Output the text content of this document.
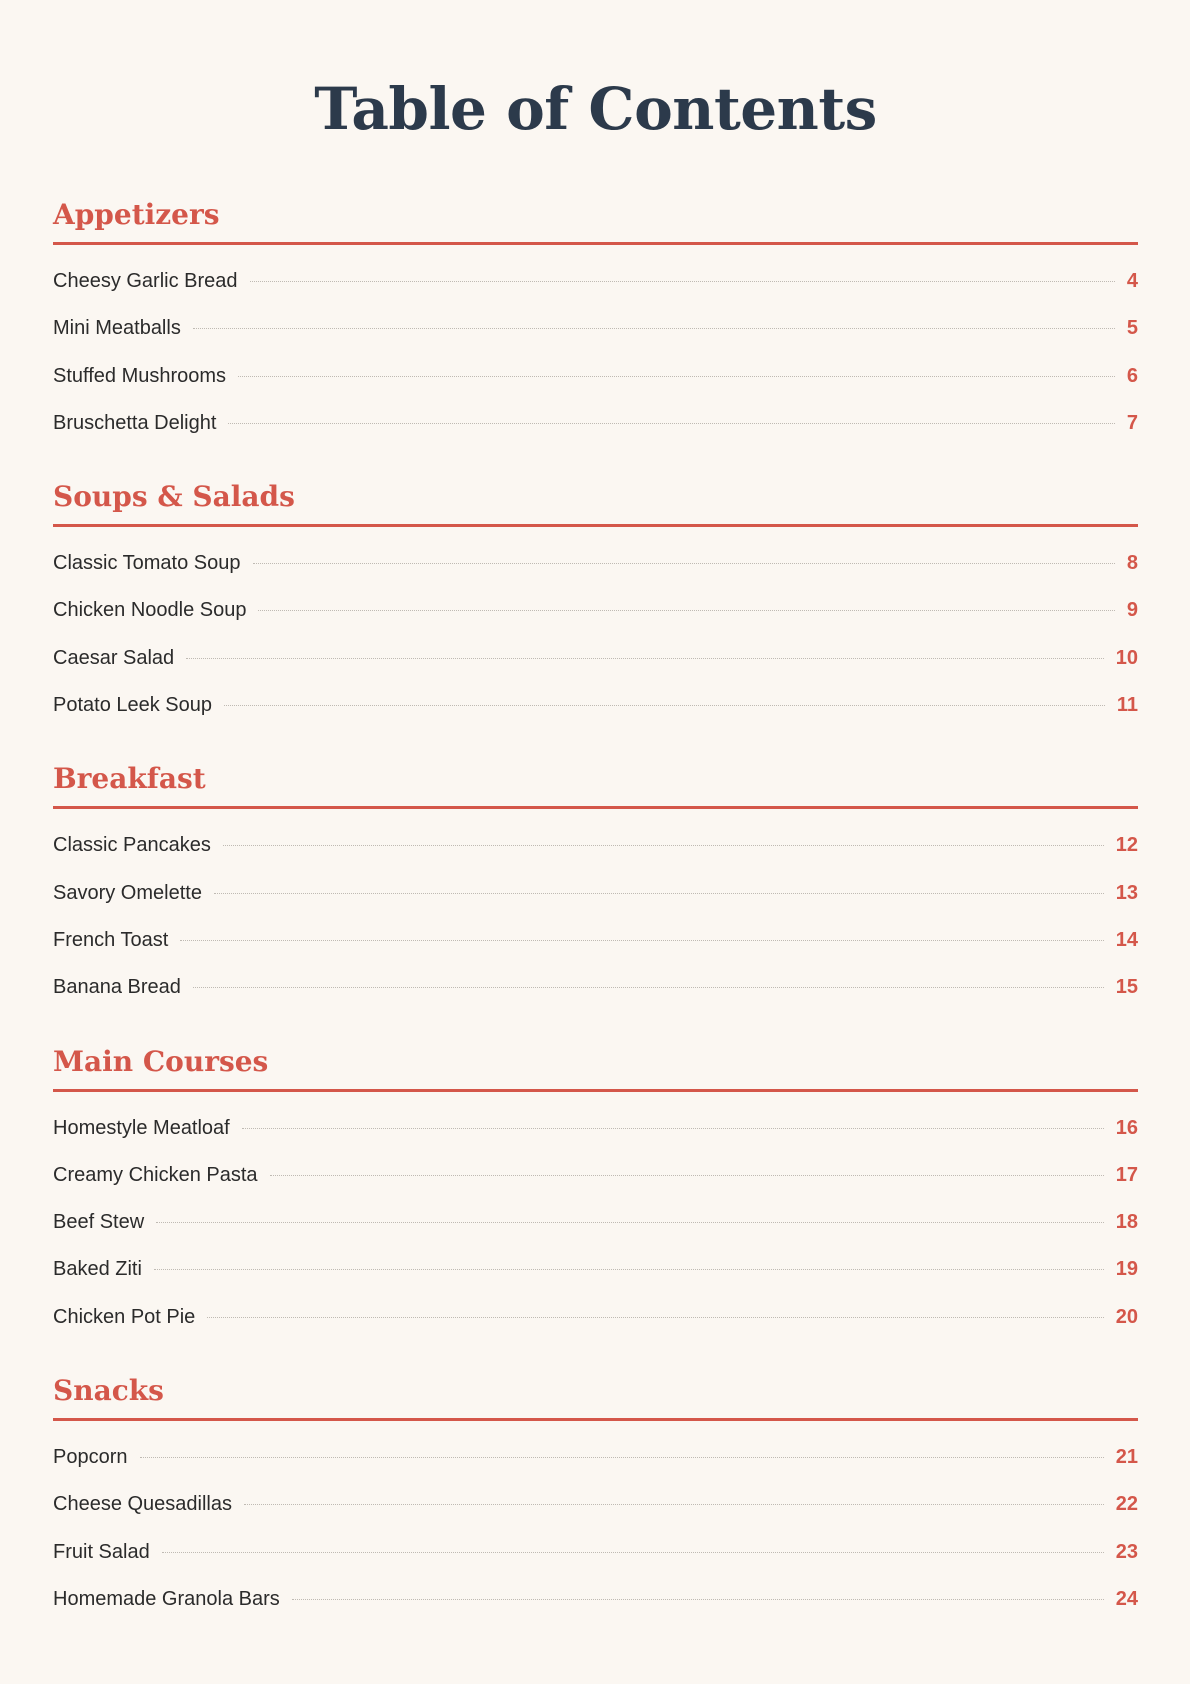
Table of Contents
Appetizers
Cheesy Garlic Bread	4
Mini Meatballs	5
Stuffed Mushrooms	6
Bruschetta Delight	7
Soups & Salads
Classic Tomato Soup	8
Chicken Noodle Soup	9
Caesar Salad	10
Potato Leek Soup	11
Breakfast
Classic Pancakes	12
Savory Omelette	13
French Toast	14
Banana Bread	15
Main Courses
Homestyle Meatloaf	16
Creamy Chicken Pasta	17
Beef Stew	18
Baked Ziti	19
Chicken Pot Pie	20
Snacks
Popcorn	21
Cheese Quesadillas	22
Fruit Salad	23
Homemade Granola Bars	24
